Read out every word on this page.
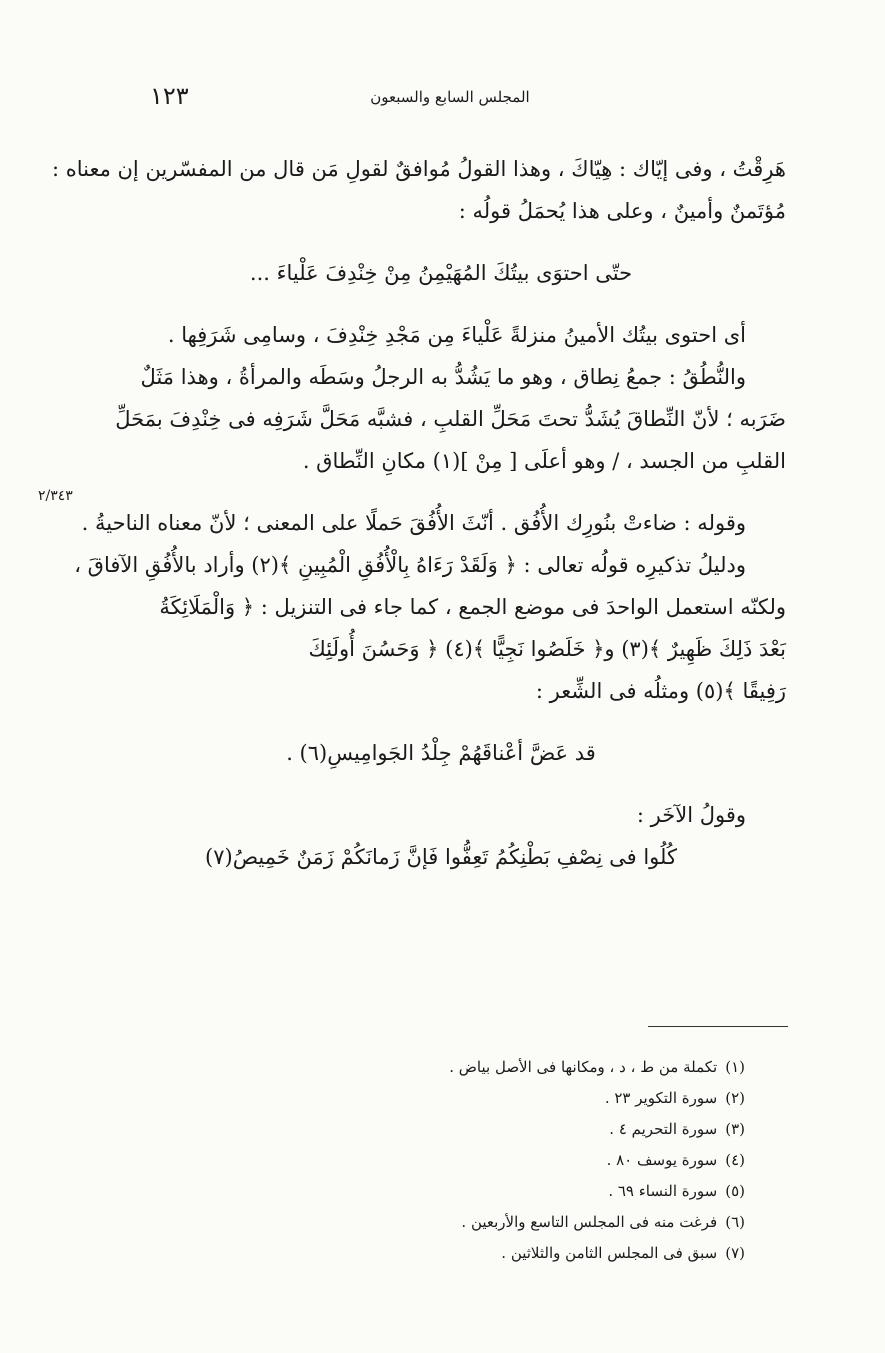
١٢٣	المجلس السابع والسبعون
٢/٣٤٣
هَرِقْتُ ، وفى إيّاك : هِيّاكَ ، وهذا القولُ مُوافقٌ لقولِ مَن قال من المفسّرين إن معناه :
مُؤتَمنٌ وأمينٌ ، وعلى هذا يُحمَلُ قولُه :
حتّى احتوَى بيتُكَ المُهَيْمِنُ مِنْ خِنْدِفَ عَلْياءَ ...
أى احتوى بيتُك الأمينُ منزلةً عَلْياءَ مِن مَجْدِ خِنْدِفَ ، وسامِى شَرَفِها .
والنُّطُقُ : جمعُ نِطاق ، وهو ما يَشُدُّ به الرجلُ وسَطَه والمرأةُ ، وهذا مَثَلٌ
ضَرَبه ؛ لأنّ النِّطاقَ يُشَدُّ تحتَ مَحَلِّ القلبِ ، فشبَّه مَحَلَّ شَرَفِه فى خِنْدِفَ بمَحَلِّ
القلبِ من الجسد ، / وهو أعلَى [ مِنْ ](١) مكانِ النِّطاق .
وقوله : ضاءتْ بنُورِك الأُفُق . أنّثَ الأُفُقَ حَملًا على المعنى ؛ لأنّ معناه الناحيةُ .
ودليلُ تذكيرِه قولُه تعالى : ﴿ وَلَقَدْ رَءَاهُ بِالْأُفُقِ الْمُبِينِ ﴾(٢) وأراد بالأُفُقِ الآفاقَ ،
ولكنّه استعمل الواحدَ فى موضع الجمع ، كما جاء فى التنزيل : ﴿ وَالْمَلَائِكَةُ
بَعْدَ ذَلِكَ ظَهِيرٌ ﴾(٣) و﴿ خَلَصُوا نَجِيًّا ﴾(٤) ﴿ وَحَسُنَ أُولَئِكَ
رَفِيقًا ﴾(٥) ومثلُه فى الشِّعر :
قد عَضَّ أعْناقَهُمْ جِلْدُ الجَوامِيسِ(٦) .
وقولُ الآخَر :
كُلُوا فى نِصْفِ بَطْنِكُمُ تَعِفُّوا فَإنَّ زَمانَكُمْ زَمَنٌ خَمِيصُ(٧)
(١)تكملة من ط ، د ، ومكانها فى الأصل بياض .
(٢)سورة التكوير ٢٣ .
(٣)سورة التحريم ٤ .
(٤)سورة يوسف ٨٠ .
(٥)سورة النساء ٦٩ .
(٦)فرغت منه فى المجلس التاسع والأربعين .
(٧)سبق فى المجلس الثامن والثلاثين .
